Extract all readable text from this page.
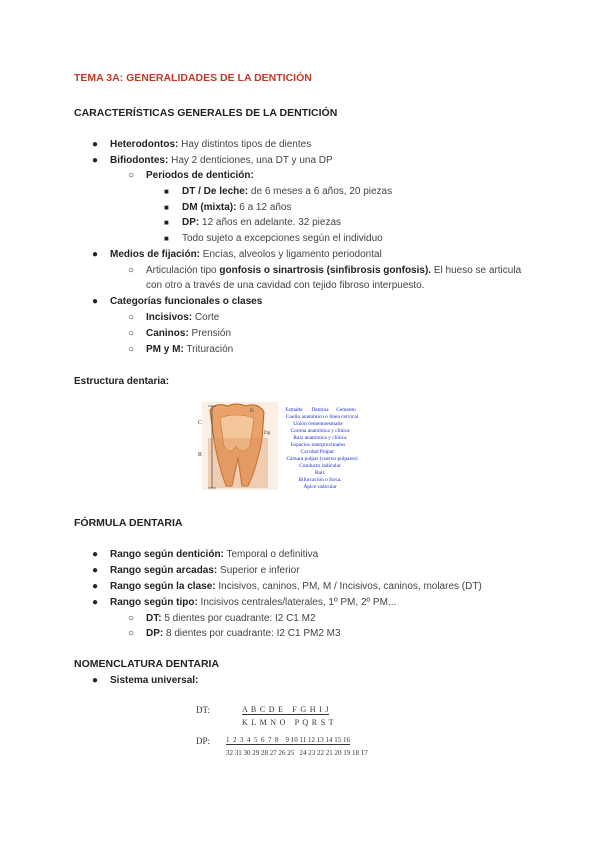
TEMA 3A: GENERALIDADES DE LA DENTICIÓN
CARACTERÍSTICAS GENERALES DE LA DENTICIÓN
● Heterodontos: Hay distintos tipos de dientes
● Bifiodontes: Hay 2 denticiones, una DT y una DP
○ Periodos de dentición:
■ DT / De leche: de 6 meses a 6 años, 20 piezas
■ DM (mixta): 6 a 12 años
■ DP: 12 años en adelante. 32 piezas
■ Todo sujeto a excepciones según el individuo
● Medios de fijación: Encías, alveolos y ligamento periodontal
○ Articulación tipo gonfosis o sinartrosis (sinfibrosis gonfosis). El hueso se articula
con otro a través de una cavidad con tejido fibroso interpuesto.
● Categorías funcionales o clases
○ Incisivos: Corte
○ Caninos: Prensión
○ PM y M: Trituración
Estructura dentaria:
C
R
D
Dp
Esmalte Dentina Cemento
Cuello anatómico o línea cervical
Unión cementoesmalte
Corona anatómica y clínica
Raíz anatómica y clínica
Espacios interproximales
Cavidad Pulpar:
Cámara pulpar (cuerno pulpares)
Conducto radicular
Raíz
Bifurcación o furca.
Ápice radicular
FÓRMULA DENTARIA
● Rango según dentición: Temporal o definitiva
● Rango según arcadas: Superior e inferior
● Rango según la clase: Incisivos, caninos, PM, M / Incisivos, caninos, molares (DT)
● Rango según tipo: Incisivos centrales/laterales, 1º PM, 2º PM...
○ DT: 5 dientes por cuadrante: I2 C1 M2
○ DP: 8 dientes por cuadrante: I2 C1 PM2 M3
NOMENCLATURA DENTARIA
● Sistema universal:
DT:	A B C D E   F G H I J
K L M N O   P Q R S T
DP: 1  2  3  4  5  6  7  8    9 10 11 12 13 14 15 16
32 31 30 29 28 27 26 25   24 23 22 21 20 19 18 17
